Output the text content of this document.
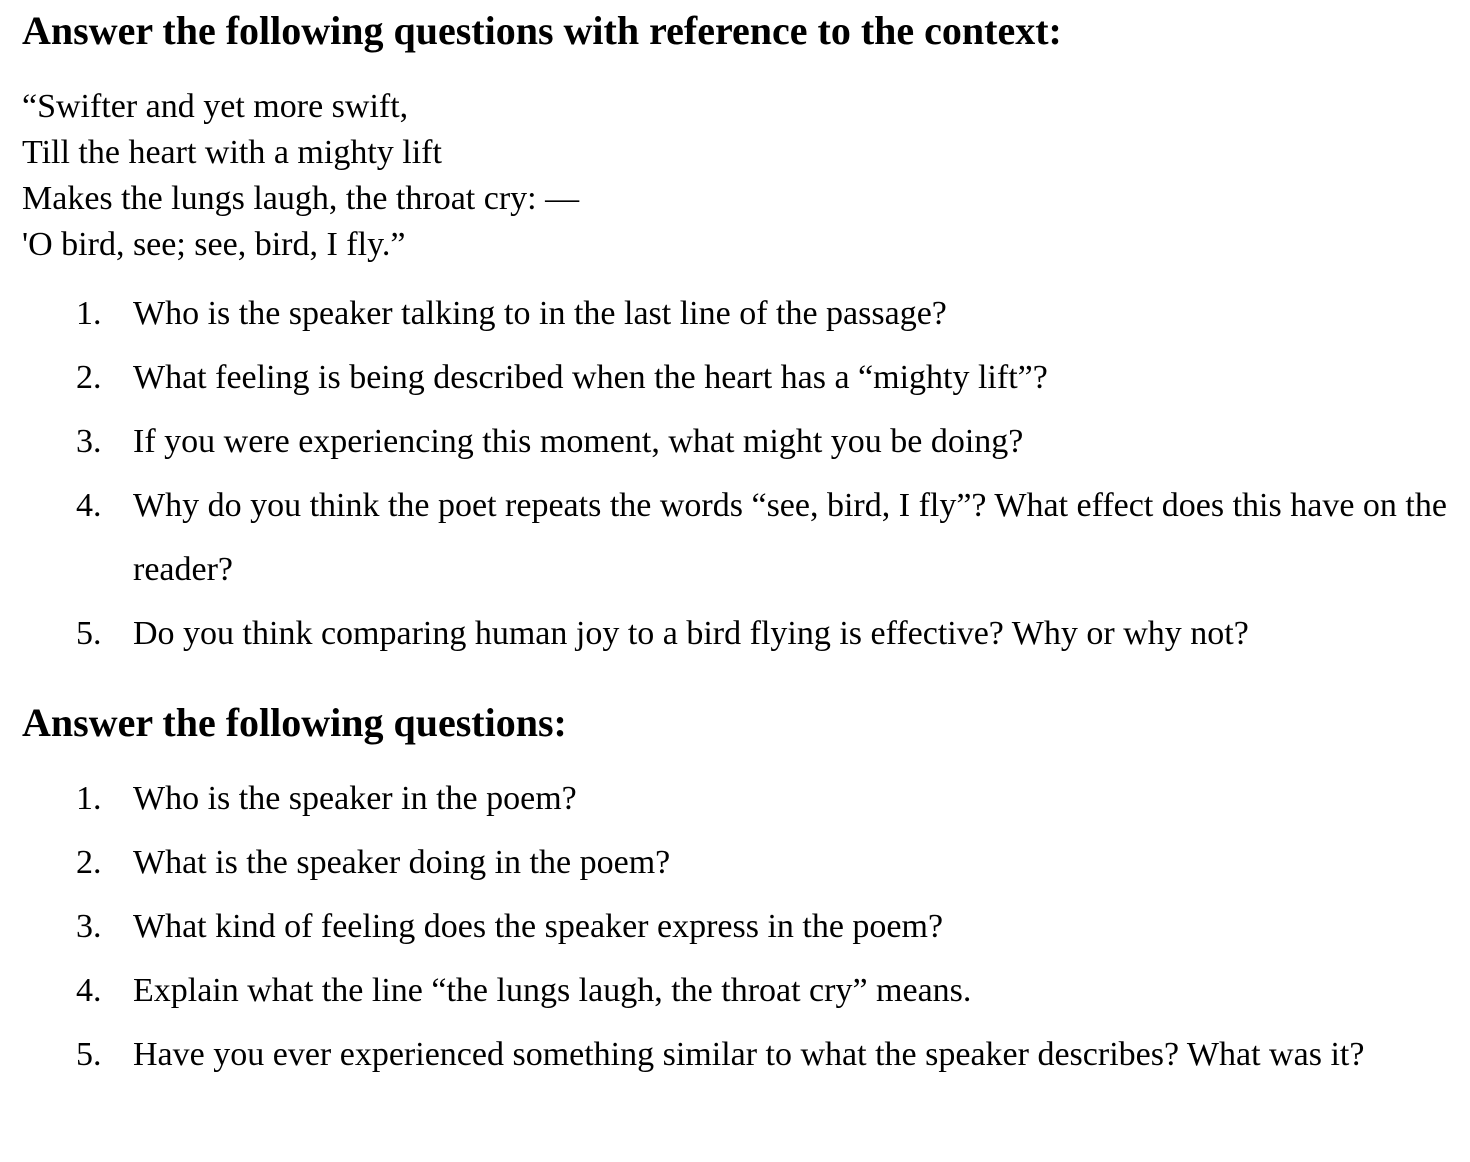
Answer the following questions with reference to the context:
“Swifter and yet more swift,
Till the heart with a mighty lift
Makes the lungs laugh, the throat cry: —
'O bird, see; see, bird, I fly.”
1. Who is the speaker talking to in the last line of the passage?
2. What feeling is being described when the heart has a “mighty lift”?
3. If you were experiencing this moment, what might you be doing?
4. Why do you think the poet repeats the words “see, bird, I fly”? What effect does this have on the reader?
5. Do you think comparing human joy to a bird flying is effective? Why or why not?
Answer the following questions:
1. Who is the speaker in the poem?
2. What is the speaker doing in the poem?
3. What kind of feeling does the speaker express in the poem?
4. Explain what the line “the lungs laugh, the throat cry” means.
5. Have you ever experienced something similar to what the speaker describes? What was it?
